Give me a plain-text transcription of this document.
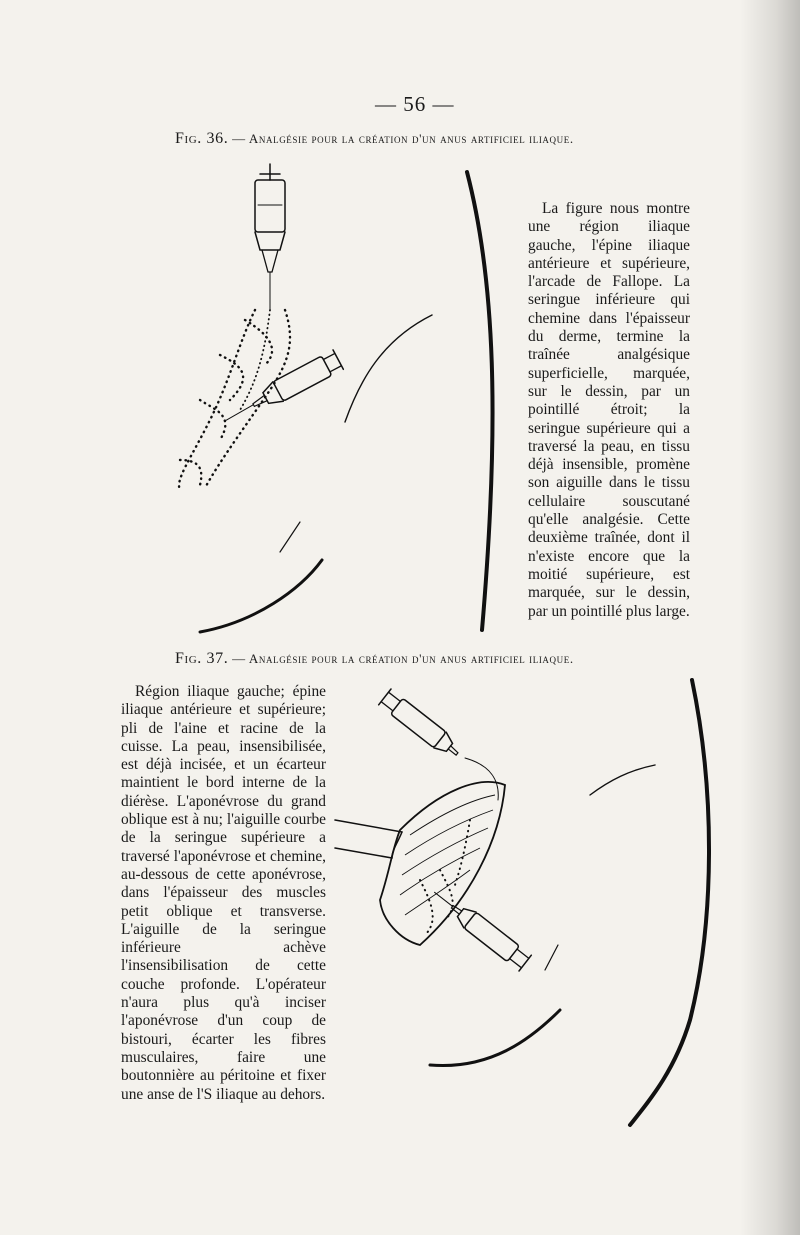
— 56 —
Fig. 36. — Analgésie pour la création d'un anus artificiel iliaque.

La figure nous montre une région iliaque gauche, l'épine iliaque antérieure et supérieure, l'arcade de Fallope. La seringue inférieure qui chemine dans l'épaisseur du derme, termine la traînée analgésique superficielle, marquée, sur le dessin, par un pointillé étroit; la seringue supérieure qui a traversé la peau, en tissu déjà insensible, promène son aiguille dans le tissu cellulaire souscutané qu'elle analgésie. Cette deuxième traînée, dont il n'existe encore que la moitié supérieure, est marquée, sur le dessin, par un pointillé plus large.

Fig. 37. — Analgésie pour la création d'un anus artificiel iliaque.

Région iliaque gauche; épine iliaque antérieure et supérieure; pli de l'aine et racine de la cuisse. La peau, insensibilisée, est déjà incisée, et un écarteur maintient le bord interne de la diérèse. L'aponévrose du grand oblique est à nu; l'aiguille courbe de la seringue supérieure a traversé l'aponévrose et chemine, au-dessous de cette aponévrose, dans l'épaisseur des muscles petit oblique et transverse. L'aiguille de la seringue inférieure achève l'insensibilisation de cette couche profonde. L'opérateur n'aura plus qu'à inciser l'aponévrose d'un coup de bistouri, écarter les fibres musculaires, faire une boutonnière au péritoine et fixer une anse de l'S iliaque au dehors.
